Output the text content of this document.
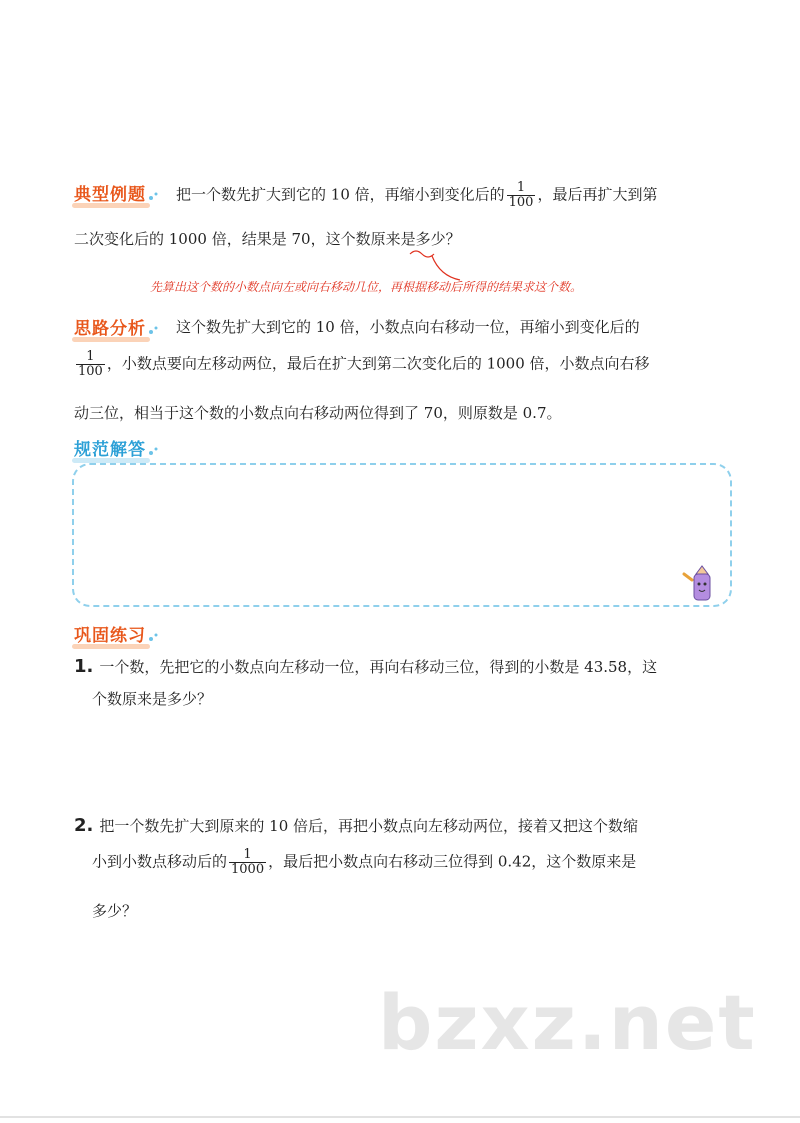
典型例题 把一个数先扩大到它的 10 倍，再缩小到变化后的 $\frac{1}{100}$ ，最后再扩大到第
二次变化后的 1000 倍，结果是 70，这个数原来是多少？
先算出这个数的小数点向左或向右移动几位，再根据移动后所得的结果求这个数。
思路分析 这个数先扩大到它的 10 倍，小数点向右移动一位，再缩小到变化后的
$\frac{1}{100}$ ，小数点要向左移动两位，最后在扩大到第二次变化后的 1000 倍，小数点向右移
动三位，相当于这个数的小数点向右移动两位得到了 70，则原数是 0.7。
规范解答
巩固练习
1. 一个数，先把它的小数点向左移动一位，再向右移动三位，得到的小数是 43.58，这
个数原来是多少？
2. 把一个数先扩大到原来的 10 倍后，再把小数点向左移动两位，接着又把这个数缩
小到小数点移动后的 $\frac{1}{1000}$ ，最后把小数点向右移动三位得到 0.42，这个数原来是
多少？
bzxz.net
